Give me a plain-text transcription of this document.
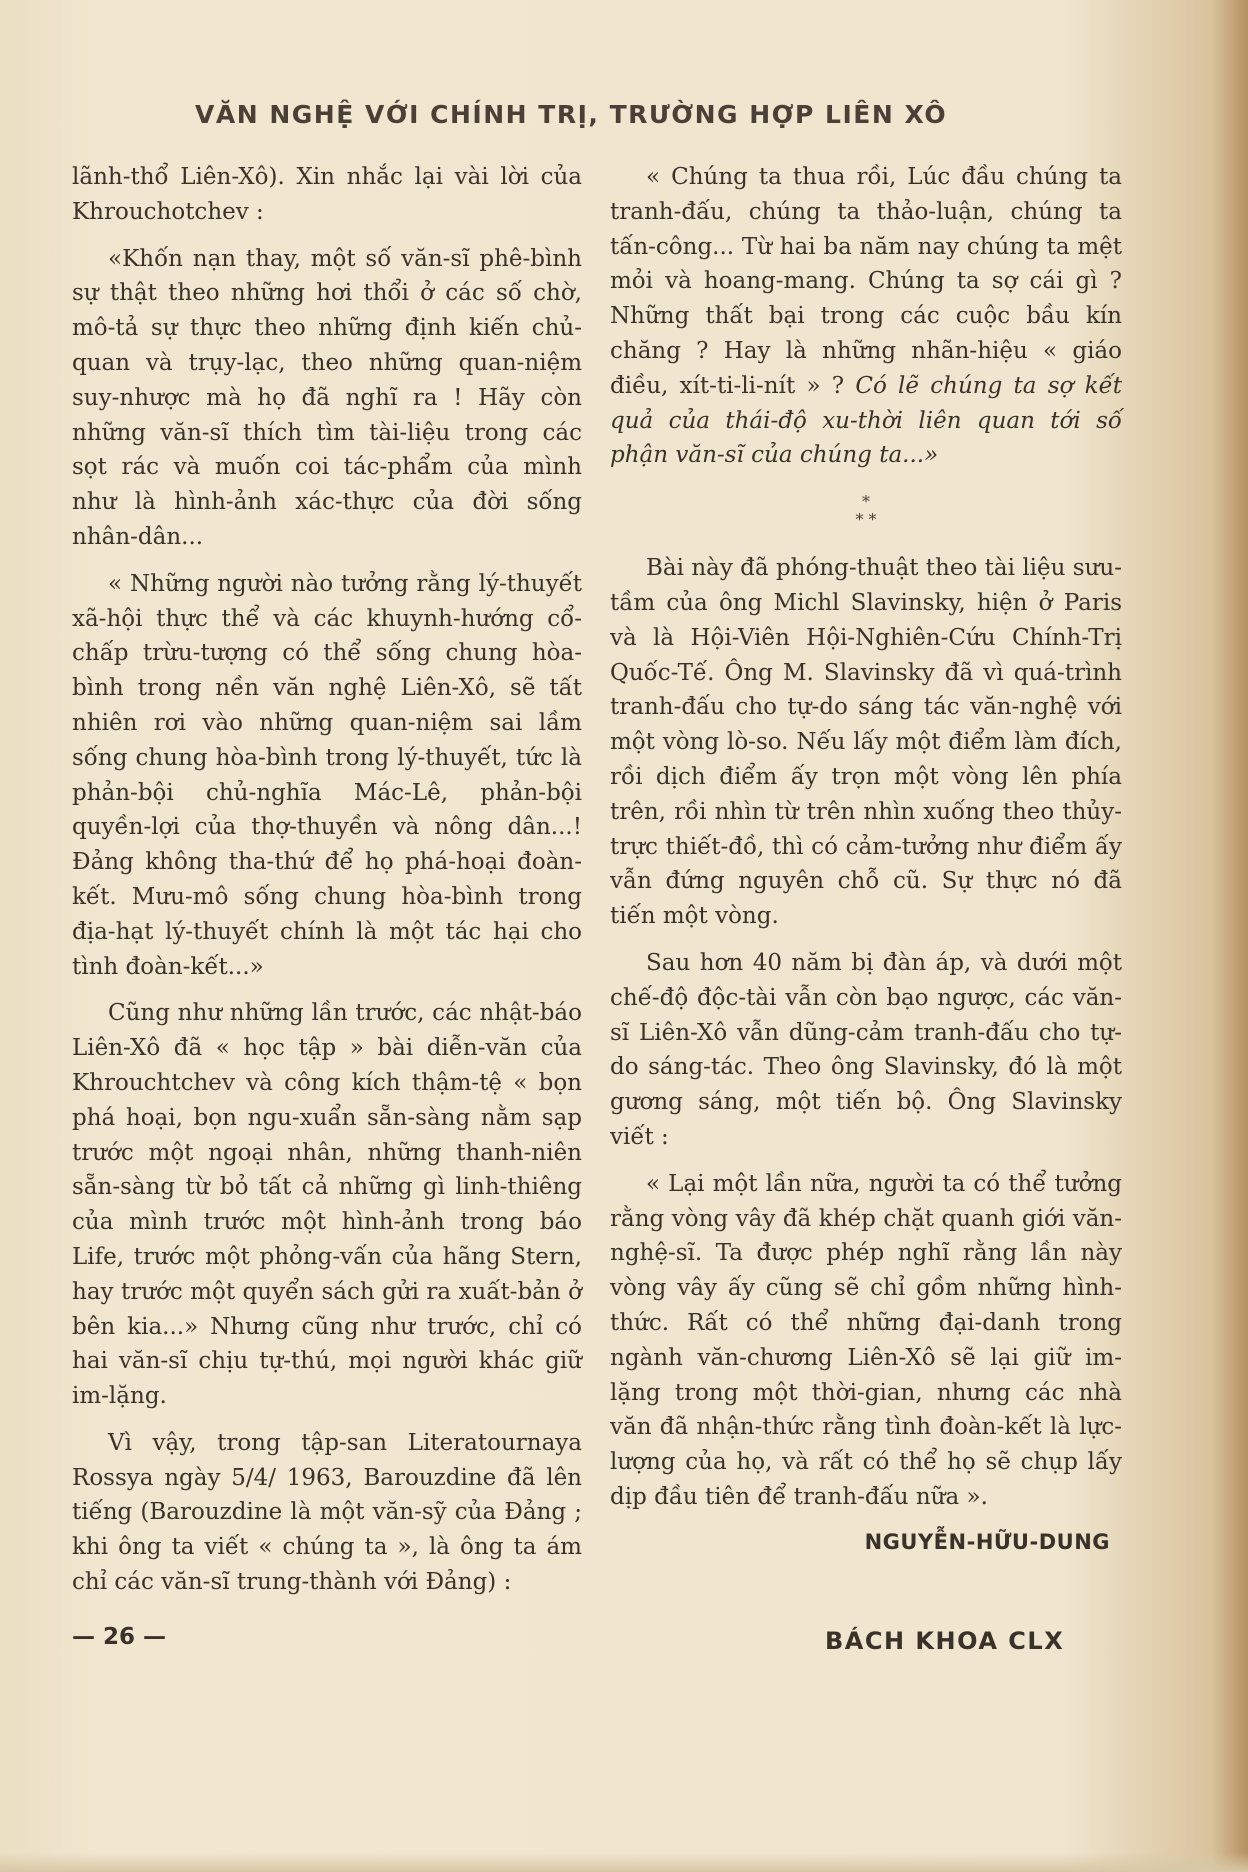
VĂN NGHỆ VỚI CHÍNH TRỊ, TRƯỜNG HỢP LIÊN XÔ

lãnh-thổ Liên-Xô). Xin nhắc lại vài lời của Khrouchotchev :

«Khốn nạn thay, một số văn-sĩ phê-bình sự thật theo những hơi thổi ở các số chờ, mô-tả sự thực theo những định kiến chủ-quan và trụy-lạc, theo những quan-niệm suy-nhược mà họ đã nghĩ ra ! Hãy còn những văn-sĩ thích tìm tài-liệu trong các sọt rác và muốn coi tác-phẩm của mình như là hình-ảnh xác-thực của đời sống nhân-dân...

« Những người nào tưởng rằng lý-thuyết xã-hội thực thể và các khuynh-hướng cổ-chấp trừu-tượng có thể sống chung hòa-bình trong nền văn nghệ Liên-Xô, sẽ tất nhiên rơi vào những quan-niệm sai lầm sống chung hòa-bình trong lý-thuyết, tức là phản-bội chủ-nghĩa Mác-Lê, phản-bội quyền-lợi của thợ-thuyền và nông dân...! Đảng không tha-thứ để họ phá-hoại đoàn-kết. Mưu-mô sống chung hòa-bình trong địa-hạt lý-thuyết chính là một tác hại cho tình đoàn-kết...»

Cũng như những lần trước, các nhật-báo Liên-Xô đã « học tập » bài diễn-văn của Khrouchtchev và công kích thậm-tệ « bọn phá hoại, bọn ngu-xuẩn sẵn-sàng nằm sạp trước một ngoại nhân, những thanh-niên sẵn-sàng từ bỏ tất cả những gì linh-thiêng của mình trước một hình-ảnh trong báo Life, trước một phỏng-vấn của hãng Stern, hay trước một quyển sách gửi ra xuất-bản ở bên kia...» Nhưng cũng như trước, chỉ có hai văn-sĩ chịu tự-thú, mọi người khác giữ im-lặng.

Vì vậy, trong tập-san Literatournaya Rossya ngày 5/4/ 1963, Barouzdine đã lên tiếng (Barouzdine là một văn-sỹ của Đảng ; khi ông ta viết « chúng ta », là ông ta ám chỉ các văn-sĩ trung-thành với Đảng) :

« Chúng ta thua rồi, Lúc đầu chúng ta tranh-đấu, chúng ta thảo-luận, chúng ta tấn-công... Từ hai ba năm nay chúng ta mệt mỏi và hoang-mang. Chúng ta sợ cái gì ? Những thất bại trong các cuộc bầu kín chăng ? Hay là những nhãn-hiệu « giáo điều, xít-ti-li-nít » ? Có lẽ chúng ta sợ kết quả của thái-độ xu-thời liên quan tới số phận văn-sĩ của chúng ta...»

*
* *

Bài này đã phóng-thuật theo tài liệu sưu-tầm của ông Michl Slavinsky, hiện ở Paris và là Hội-Viên Hội-Nghiên-Cứu Chính-Trị Quốc-Tế. Ông M. Slavinsky đã vì quá-trình tranh-đấu cho tự-do sáng tác văn-nghệ với một vòng lò-so. Nếu lấy một điểm làm đích, rồi dịch điểm ấy trọn một vòng lên phía trên, rồi nhìn từ trên nhìn xuống theo thủy-trực thiết-đồ, thì có cảm-tưởng như điểm ấy vẫn đứng nguyên chỗ cũ. Sự thực nó đã tiến một vòng.

Sau hơn 40 năm bị đàn áp, và dưới một chế-độ độc-tài vẫn còn bạo ngược, các văn-sĩ Liên-Xô vẫn dũng-cảm tranh-đấu cho tự-do sáng-tác. Theo ông Slavinsky, đó là một gương sáng, một tiến bộ. Ông Slavinsky viết :

« Lại một lần nữa, người ta có thể tưởng rằng vòng vây đã khép chặt quanh giới văn-nghệ-sĩ. Ta được phép nghĩ rằng lần này vòng vây ấy cũng sẽ chỉ gồm những hình-thức. Rất có thể những đại-danh trong ngành văn-chương Liên-Xô sẽ lại giữ im-lặng trong một thời-gian, nhưng các nhà văn đã nhận-thức rằng tình đoàn-kết là lực-lượng của họ, và rất có thể họ sẽ chụp lấy dịp đầu tiên để tranh-đấu nữa ».

NGUYỄN-HỮU-DUNG
— 26 —	BÁCH KHOA CLX
